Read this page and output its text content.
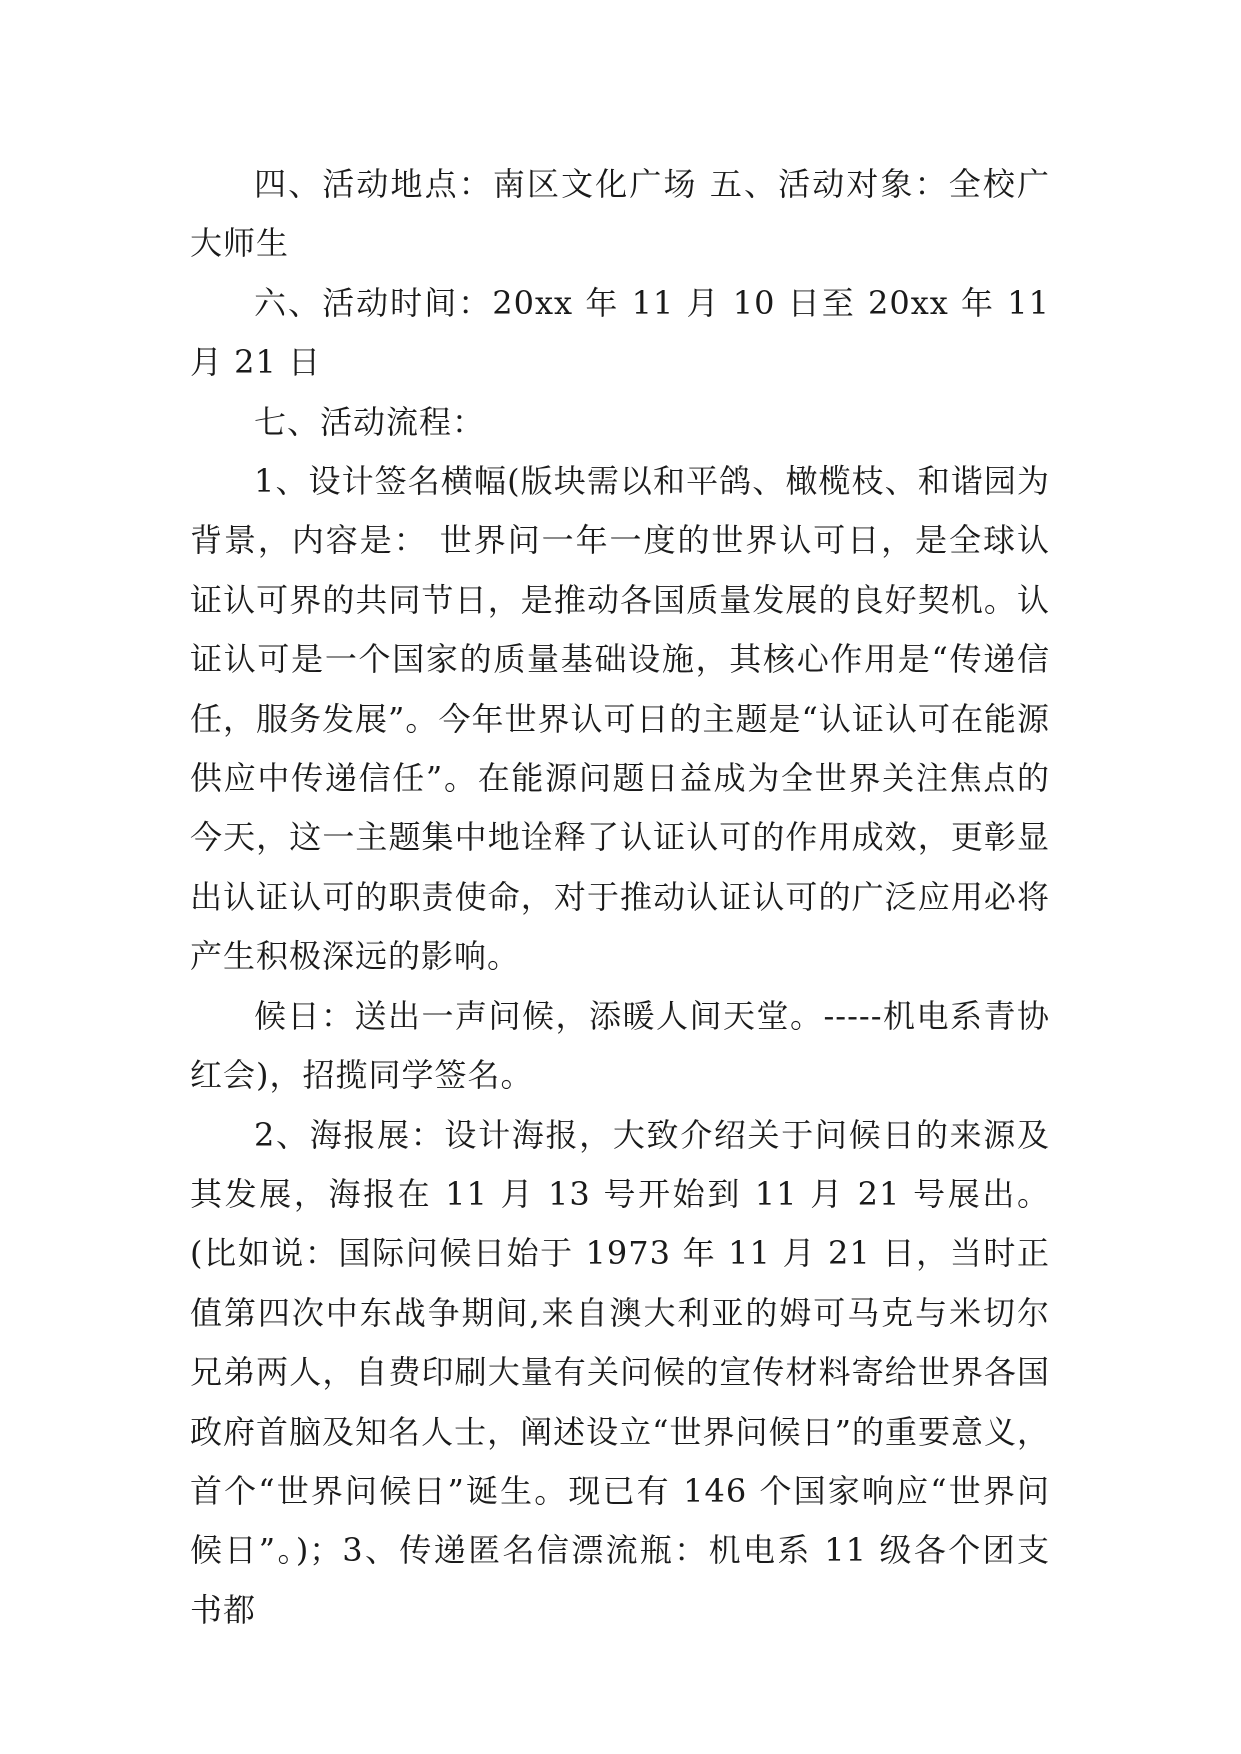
四、活动地点：南区文化广场 五、活动对象：全校广大师生

六、活动时间：20xx 年 11 月 10 日至 20xx 年 11 月 21 日

七、活动流程：

1、设计签名横幅(版块需以和平鸽、橄榄枝、和谐园为背景，内容是： 世界问一年一度的世界认可日，是全球认证认可界的共同节日，是推动各国质量发展的良好契机。认证认可是一个国家的质量基础设施，其核心作用是“传递信任，服务发展”。今年世界认可日的主题是“认证认可在能源供应中传递信任”。在能源问题日益成为全世界关注焦点的今天，这一主题集中地诠释了认证认可的作用成效，更彰显出认证认可的职责使命，对于推动认证认可的广泛应用必将产生积极深远的影响。

候日：送出一声问候，添暖人间天堂。-----机电系青协红会)，招揽同学签名。

2、海报展：设计海报，大致介绍关于问候日的来源及其发展，海报在 11 月 13 号开始到 11 月 21 号展出。(比如说：国际问候日始于 1973 年 11 月 21 日，当时正值第四次中东战争期间,来自澳大利亚的姆可马克与米切尔兄弟两人，自费印刷大量有关问候的宣传材料寄给世界各国政府首脑及知名人士，阐述设立“世界问候日”的重要意义，首个“世界问候日”诞生。现已有 146 个国家响应“世界问候日”。)；3、传递匿名信漂流瓶：机电系 11 级各个团支书都
